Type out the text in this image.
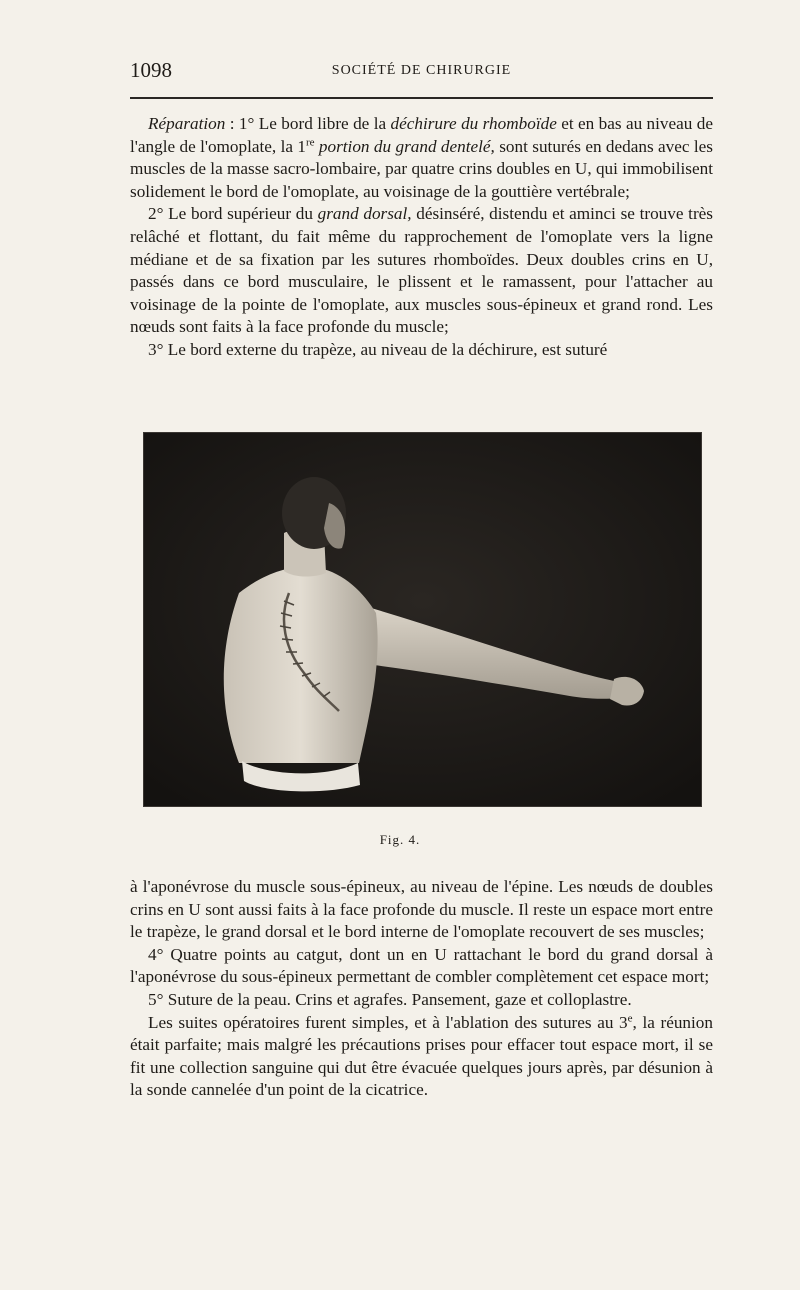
1098	SOCIÉTÉ DE CHIRURGIE

Réparation : 1° Le bord libre de la déchirure du rhomboïde et en bas au niveau de l'angle de l'omoplate, la 1re portion du grand dentelé, sont suturés en dedans avec les muscles de la masse sacro-lombaire, par quatre crins doubles en U, qui immobilisent solidement le bord de l'omoplate, au voisinage de la gouttière vertébrale;

2° Le bord supérieur du grand dorsal, désinséré, distendu et aminci se trouve très relâché et flottant, du fait même du rapprochement de l'omoplate vers la ligne médiane et de sa fixation par les sutures rhomboïdes. Deux doubles crins en U, passés dans ce bord musculaire, le plissent et le ramassent, pour l'attacher au voisinage de la pointe de l'omoplate, aux muscles sous-épineux et grand rond. Les nœuds sont faits à la face profonde du muscle;

3° Le bord externe du trapèze, au niveau de la déchirure, est suturé

Fig. 4.

à l'aponévrose du muscle sous-épineux, au niveau de l'épine. Les nœuds de doubles crins en U sont aussi faits à la face profonde du muscle. Il reste un espace mort entre le trapèze, le grand dorsal et le bord interne de l'omoplate recouvert de ses muscles;

4° Quatre points au catgut, dont un en U rattachant le bord du grand dorsal à l'aponévrose du sous-épineux permettant de combler complètement cet espace mort;

5° Suture de la peau. Crins et agrafes. Pansement, gaze et colloplastre.

Les suites opératoires furent simples, et à l'ablation des sutures au 3e, la réunion était parfaite; mais malgré les précautions prises pour effacer tout espace mort, il se fit une collection sanguine qui dut être évacuée quelques jours après, par désunion à la sonde cannelée d'un point de la cicatrice.
